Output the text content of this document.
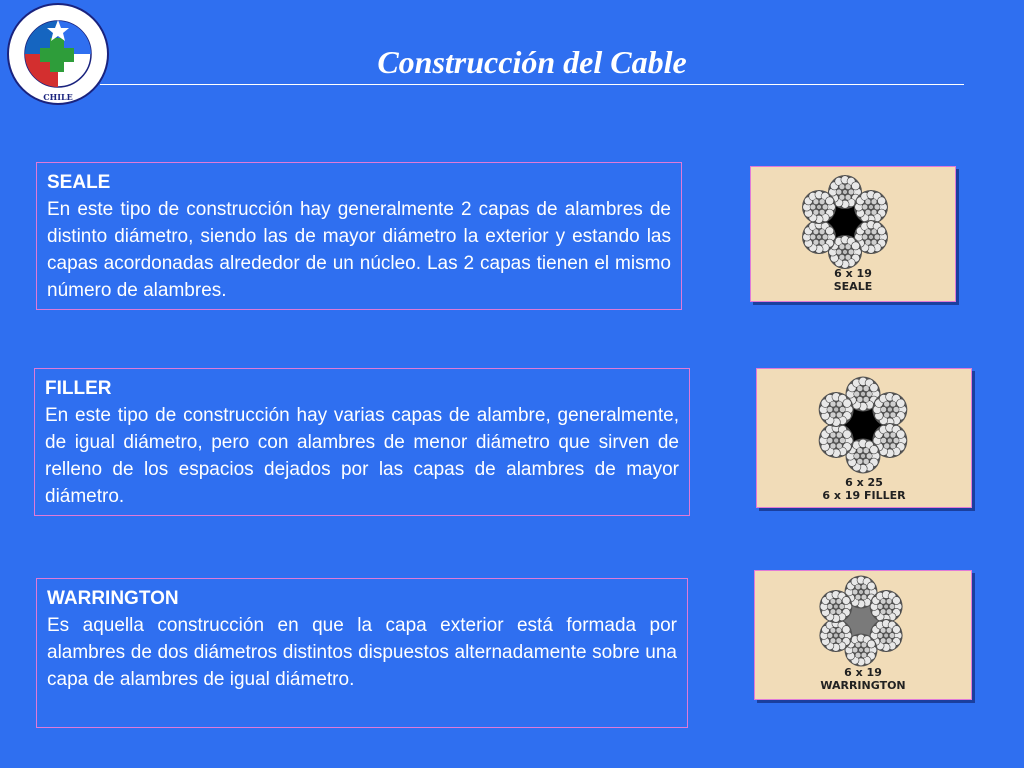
CHILE
Construcción del Cable
SEALE
En este tipo de construcción hay generalmente 2 capas de alambres de distinto diámetro, siendo las de mayor diámetro la exterior y estando las capas acordonadas alrededor de un núcleo. Las 2 capas tienen el mismo número de alambres.
6 x 19
SEALE
FILLER
En este tipo de construcción hay varias capas de alambre, generalmente, de igual diámetro, pero con alambres de menor diámetro que sirven de relleno de los espacios dejados por las capas de alambres de mayor diámetro.
6 x 25
6 x 19 FILLER
WARRINGTON
Es aquella construcción en que la capa exterior está formada por alambres de dos diámetros distintos dispuestos alternadamente sobre una capa de alambres de igual diámetro.	6 x 19
WARRINGTON
